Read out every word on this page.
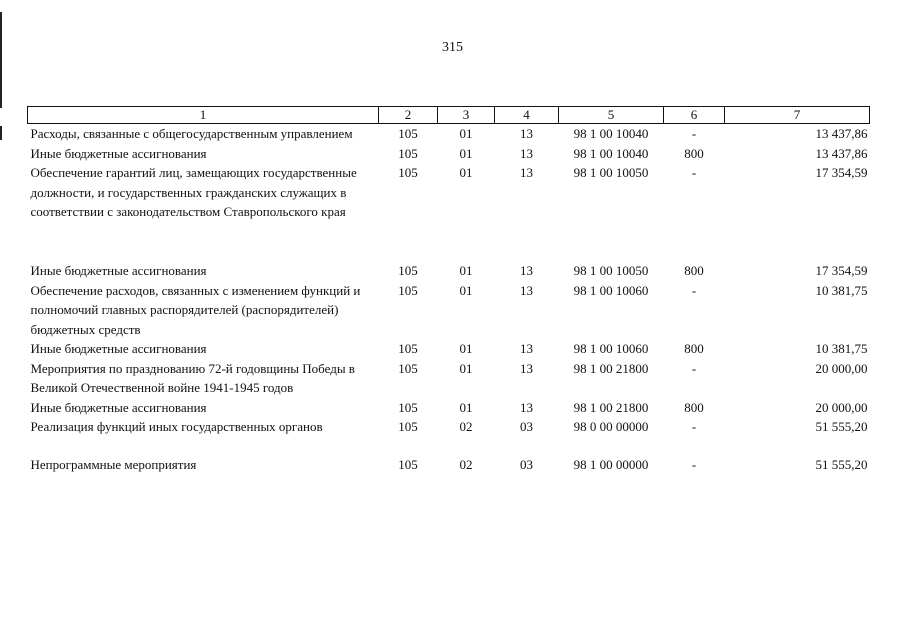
315
1	2	3	4	5	6	7
Расходы, связанные с общегосударственным управлением	105	01	13	98 1 00 10040	-	13 437,86
Иные бюджетные ассигнования	105	01	13	98 1 00 10040	800	13 437,86
Обеспечение гарантий лиц, замещающих государственные должности, и государственных гражданских служащих в соответствии с законодательством Ставропольского края	105	01	13	98 1 00 10050	-	17 354,59
Иные бюджетные ассигнования	105	01	13	98 1 00 10050	800	17 354,59
Обеспечение расходов, связанных с изменением функций и полномочий главных распорядителей (распорядителей) бюджетных средств	105	01	13	98 1 00 10060	-	10 381,75
Иные бюджетные ассигнования	105	01	13	98 1 00 10060	800	10 381,75
Мероприятия по празднованию 72-й годовщины Победы в Великой Отечественной войне 1941-1945 годов	105	01	13	98 1 00 21800	-	20 000,00
Иные бюджетные ассигнования	105	01	13	98 1 00 21800	800	20 000,00
Реализация функций иных государственных органов	105	02	03	98 0 00 00000	-	51 555,20
Непрограммные мероприятия	105	02	03	98 1 00 00000	-	51 555,20
